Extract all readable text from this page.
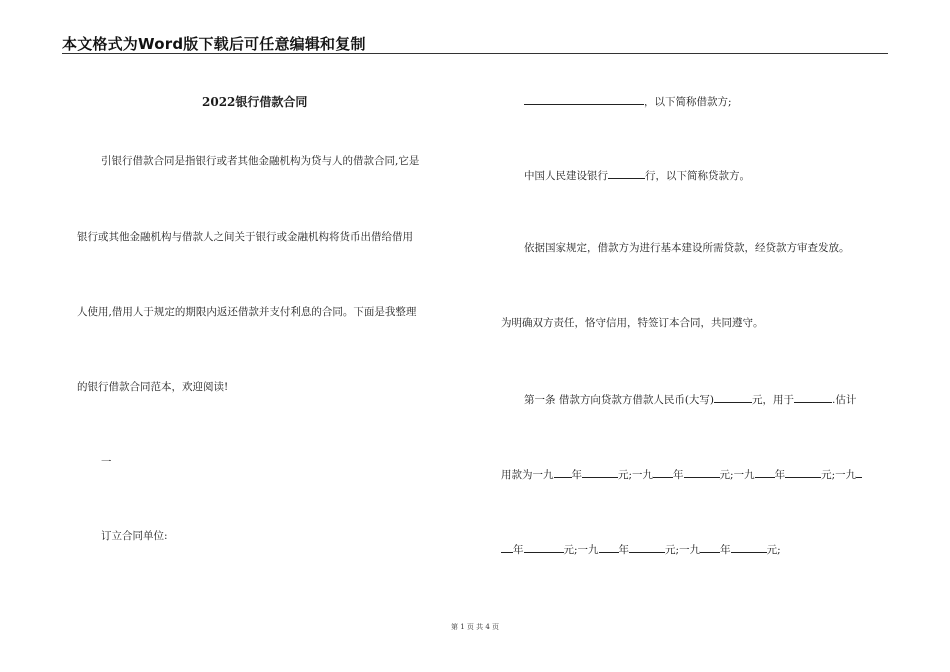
本文格式为Word版下载后可任意编辑和复制
2022银行借款合同
引银行借款合同是指银行或者其他金融机构为贷与人的借款合同,它是
银行或其他金融机构与借款人之间关于银行或金融机构将货币出借给借用
人使用,借用人于规定的期限内返还借款并支付利息的合同。下面是我整理
的银行借款合同范本，欢迎阅读!
一
订立合同单位:
，以下简称借款方;
中国人民建设银行	行，以下简称贷款方。
依据国家规定，借款方为进行基本建设所需贷款，经贷款方审查发放。
为明确双方责任，恪守信用，特签订本合同，共同遵守。
第一条 借款方向贷款方借款人民币(大写)	元，用于	.估计
用款为一九 年	元;一九 年	元;一九 年	元;一九
年	元;一九 年	元;一九 年	元;
第 1 页 共 4 页
